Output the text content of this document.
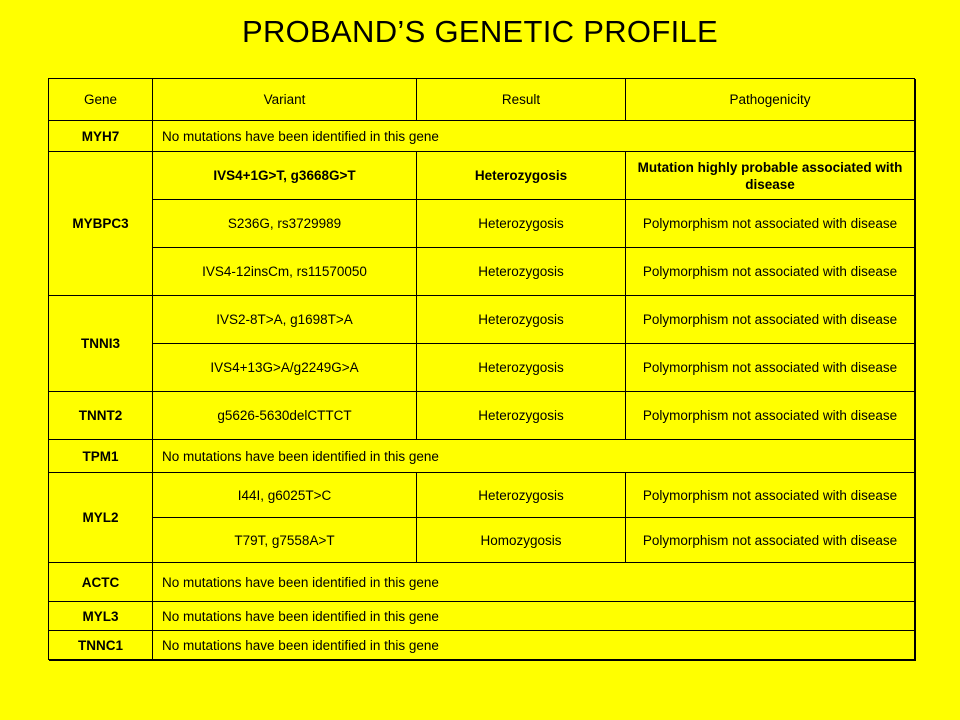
PROBAND’S GENETIC PROFILE
Gene	Variant	Result	Pathogenicity
MYH7	No mutations have been identified in this gene		
MYBPC3	IVS4+1G>T, g3668G>T	Heterozygosis	Mutation highly probable associated with disease
	S236G, rs3729989	Heterozygosis	Polymorphism not associated with disease
	IVS4-12insCm, rs11570050	Heterozygosis	Polymorphism not associated with disease
TNNI3	IVS2-8T>A, g1698T>A	Heterozygosis	Polymorphism not associated with disease
	IVS4+13G>A/g2249G>A	Heterozygosis	Polymorphism not associated with disease
TNNT2	g5626-5630delCTTCT	Heterozygosis	Polymorphism not associated with disease
TPM1	No mutations have been identified in this gene		
MYL2	I44I, g6025T>C	Heterozygosis	Polymorphism not associated with disease
	T79T, g7558A>T	Homozygosis	Polymorphism not associated with disease
ACTC	No mutations have been identified in this gene		
MYL3	No mutations have been identified in this gene		
TNNC1	No mutations have been identified in this gene		
